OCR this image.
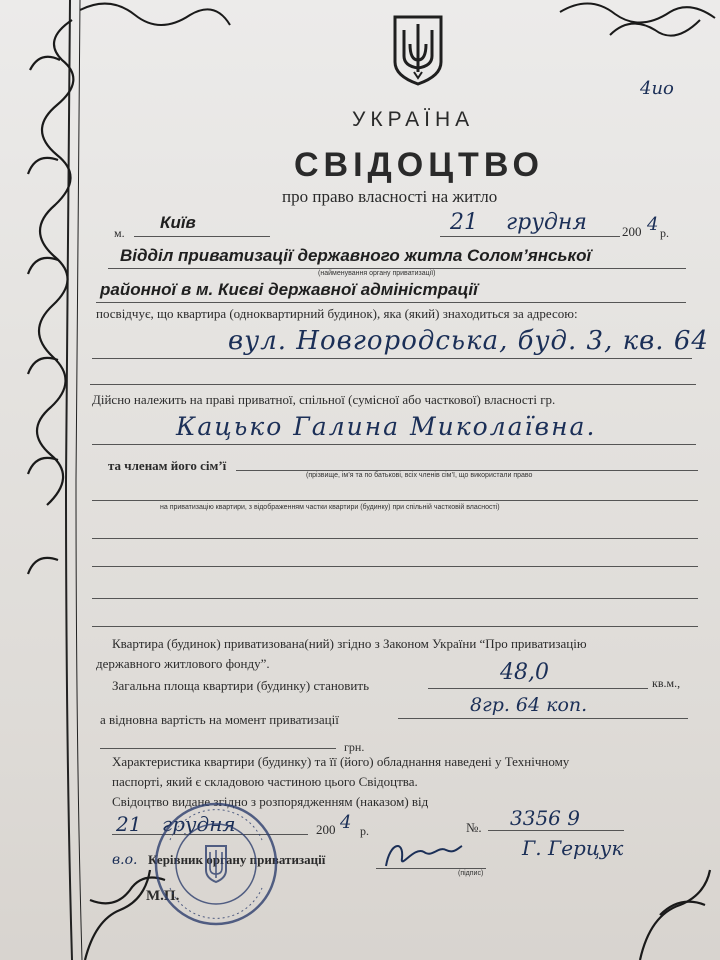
4ио
УКРАЇНА
СВІДОЦТВО
про право власності на житло
м.
Київ	21 грудня	200 4 р.
Відділ приватизації державного житла Солом’янської
(найменування органу приватизації)
районної в м. Києві державної адміністрації
посвідчує, що квартира (одноквартирний будинок), яка (який) знаходиться за адресою:
вул. Новгородська, буд. 3, кв. 64
Дійсно належить на праві приватної, спільної (сумісної або часткової) власності гр.
Кацько Галина Миколаївна.
та членам його сім’ї
(прізвище, ім’я та по батькові, всіх членів сім’ї, що використали право
на приватизацію квартири, з відображенням частки квартири (будинку) при спільній частковій власності)
Квартира (будинок) приватизована(ний) згідно з Законом України “Про приватизацію
державного житлового фонду”.
Загальна площа квартири (будинку) становить
48,0	кв.м.,
а відновна вартість на момент приватизації
8гр. 64 коп.
грн.
Характеристика квартири (будинку) та її (його) обладнання наведені у Технічному
паспорті, який є складовою частиною цього Свідоцтва.
Свідоцтво видане згідно з розпорядженням (наказом) від
21 грудня	200 4 р.	№. 3356 9
в.о. Керівник органу приватизації
(підпис)
Г. Герцук
М.П.
